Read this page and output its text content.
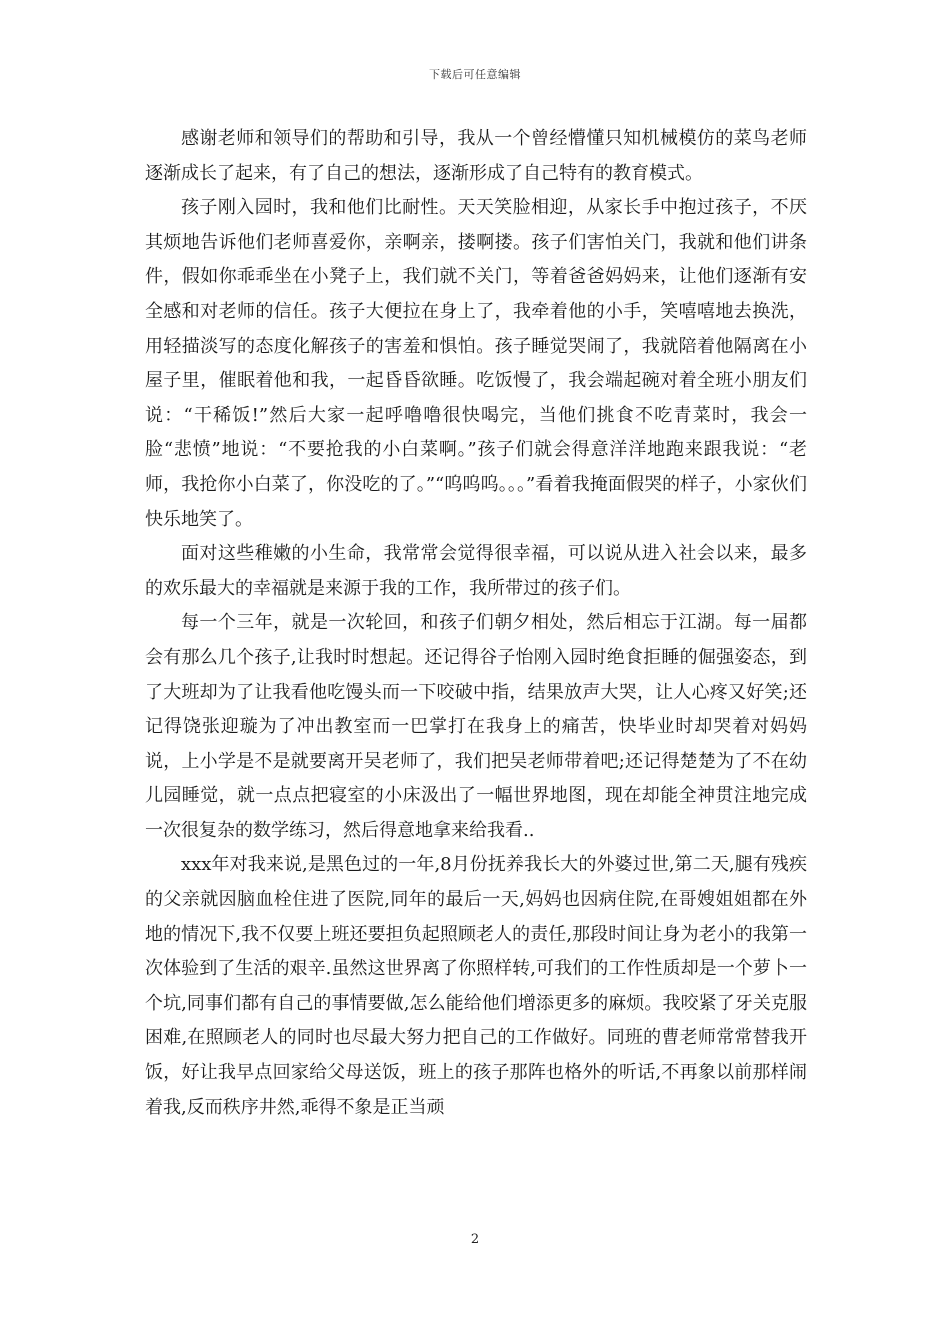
下载后可任意编辑

感谢老师和领导们的帮助和引导，我从一个曾经懵懂只知机械模仿的菜鸟老师逐渐成长了起来，有了自己的想法，逐渐形成了自己特有的教育模式。

孩子刚入园时，我和他们比耐性。天天笑脸相迎，从家长手中抱过孩子，不厌其烦地告诉他们老师喜爱你，亲啊亲，搂啊搂。孩子们害怕关门，我就和他们讲条件，假如你乖乖坐在小凳子上，我们就不关门，等着爸爸妈妈来，让他们逐渐有安全感和对老师的信任。孩子大便拉在身上了，我牵着他的小手，笑嘻嘻地去换洗，用轻描淡写的态度化解孩子的害羞和惧怕。孩子睡觉哭闹了，我就陪着他隔离在小屋子里，催眠着他和我，一起昏昏欲睡。吃饭慢了，我会端起碗对着全班小朋友们说：“干稀饭!”然后大家一起呼噜噜很快喝完，当他们挑食不吃青菜时，我会一脸“悲愤”地说：“不要抢我的小白菜啊。”孩子们就会得意洋洋地跑来跟我说：“老师，我抢你小白菜了，你没吃的了。”“呜呜呜。。。”看着我掩面假哭的样子，小家伙们快乐地笑了。

面对这些稚嫩的小生命，我常常会觉得很幸福，可以说从进入社会以来，最多的欢乐最大的幸福就是来源于我的工作，我所带过的孩子们。

每一个三年，就是一次轮回，和孩子们朝夕相处，然后相忘于江湖。每一届都会有那么几个孩子,让我时时想起。还记得谷子怡刚入园时绝食拒睡的倔强姿态，到了大班却为了让我看他吃馒头而一下咬破中指，结果放声大哭，让人心疼又好笑;还记得饶张迎璇为了冲出教室而一巴掌打在我身上的痛苦，快毕业时却哭着对妈妈说，上小学是不是就要离开吴老师了，我们把吴老师带着吧;还记得楚楚为了不在幼儿园睡觉，就一点点把寝室的小床汲出了一幅世界地图，现在却能全神贯注地完成一次很复杂的数学练习，然后得意地拿来给我看..

xxx年对我来说,是黑色过的一年,8月份抚养我长大的外婆过世,第二天,腿有残疾的父亲就因脑血栓住进了医院,同年的最后一天,妈妈也因病住院,在哥嫂姐姐都在外地的情况下,我不仅要上班还要担负起照顾老人的责任,那段时间让身为老小的我第一次体验到了生活的艰辛.虽然这世界离了你照样转,可我们的工作性质却是一个萝卜一个坑,同事们都有自己的事情要做,怎么能给他们增添更多的麻烦。我咬紧了牙关克服困难,在照顾老人的同时也尽最大努力把自己的工作做好。同班的曹老师常常替我开饭，好让我早点回家给父母送饭，班上的孩子那阵也格外的听话,不再象以前那样闹着我,反而秩序井然,乖得不象是正当顽

2
